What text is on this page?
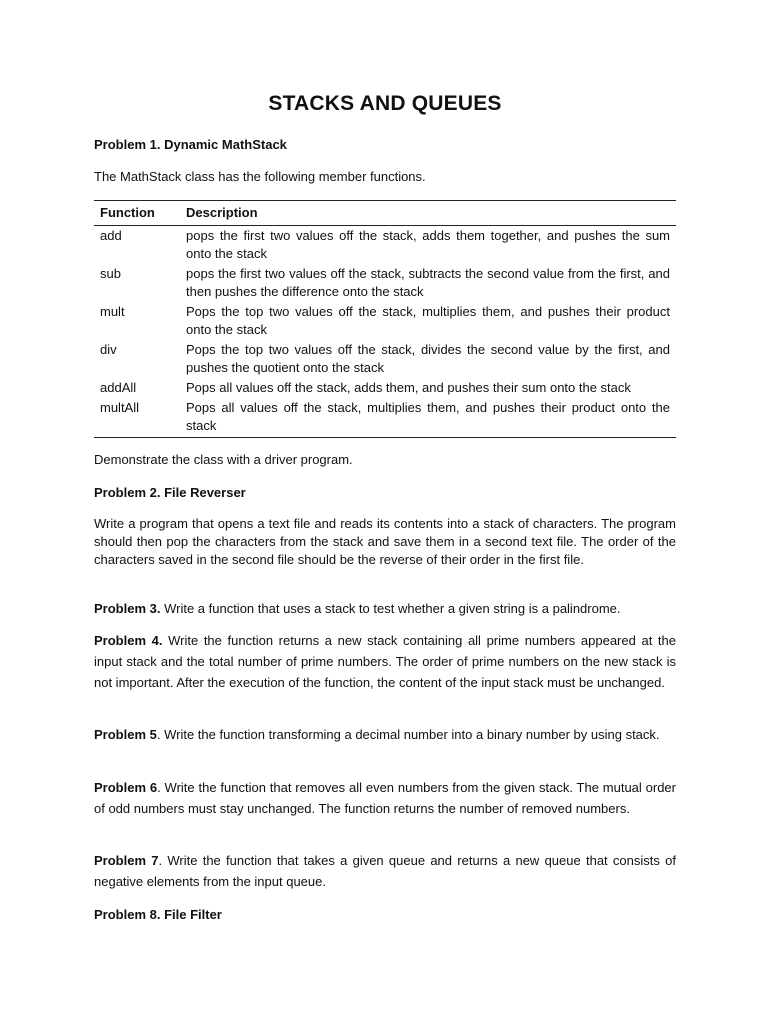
STACKS AND QUEUES

Problem 1. Dynamic MathStack

The MathStack class has the following member functions.

Function	Description
add	pops the first two values off the stack, adds them together, and pushes the sum onto the stack
sub	pops the first two values off the stack, subtracts the second value from the first, and then pushes the difference onto the stack
mult	Pops the top two values off the stack, multiplies them, and pushes their product onto the stack
div	Pops the top two values off the stack, divides the second value by the first, and pushes the quotient onto the stack
addAll	Pops all values off the stack, adds them, and pushes their sum onto the stack
multAll	Pops all values off the stack, multiplies them, and pushes their product onto the stack

Demonstrate the class with a driver program.

Problem 2. File Reverser

Write a program that opens a text file and reads its contents into a stack of characters. The program should then pop the characters from the stack and save them in a second text file. The order of the characters saved in the second file should be the reverse of their order in the first file.

Problem 3. Write a function that uses a stack to test whether a given string is a palindrome.

Problem 4. Write the function returns a new stack containing all prime numbers appeared at the input stack and the total number of prime numbers. The order of prime numbers on the new stack is not important. After the execution of the function, the content of the input stack must be unchanged.

Problem 5. Write the function transforming a decimal number into a binary number by using stack.

Problem 6. Write the function that removes all even numbers from the given stack. The mutual order of odd numbers must stay unchanged. The function returns the number of removed numbers.

Problem 7. Write the function that takes a given queue and returns a new queue that consists of negative elements from the input queue.

Problem 8. File Filter
